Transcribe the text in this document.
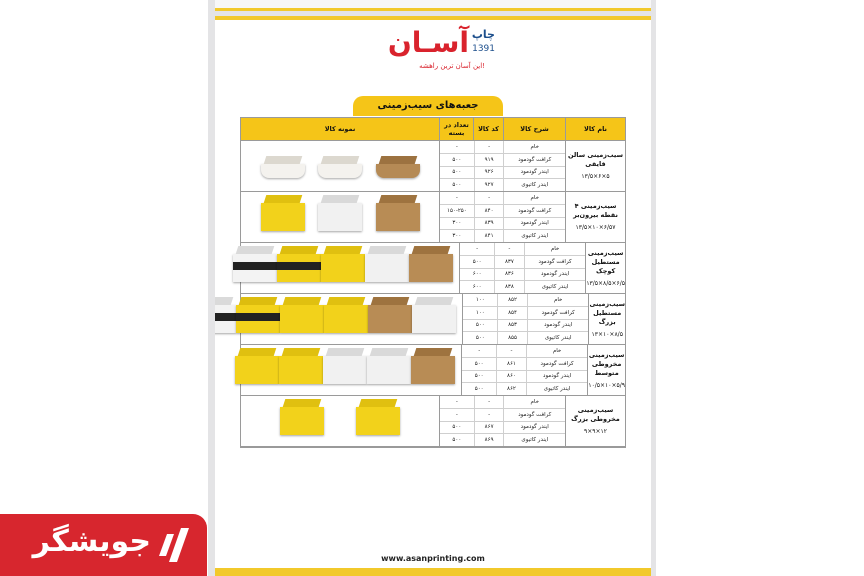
آسـان چاپ
1391
این آسان ترین راهشه!
جعبه‌های سیب‌زمینی
نام کالا
شرح کالا
کد کالا
تعداد در بسته
نمونه کالا
سیب‌زمینی سالن قایقی
۱۳/۵×۶×۵
خام
-
-
کرافت گودمود
۹۱۹
۵۰۰
ایندر گودمود
۹۲۶
۵۰۰
ایندر کاتیوی
۹۲۷
۵۰۰
سیب‌زمینی ۴ نقطه بیرون‌بر
۱۳/۵×۱۰×۶/۵۷
خام
-
-
کرافت گودمود
۸۴۰
۱۵۰-۲۵۰
ایندر گودمود
۸۳۹
۳۰۰
ایندر کاتیوی
۸۴۱
۳۰۰
سیب‌زمینی مستطیل کوچک
۱۳/۵×۸/۵×۶/۵
خام
-
-
کرافت گودمود
۸۳۷
۵۰۰
ایندر گودمود
۸۳۶
۶۰۰
ایندر کاتیوی
۸۳۸
۶۰۰
سیب‌زمینی مستطیل بزرگ
۱۳×۱۰×۸/۵
خام
۸۵۲
۱۰۰
کرافت گودمود
۸۵۴
۱۰۰
ایندر گودمود
۸۵۳
۵۰۰
ایندر کاتیوی
۸۵۵
۵۰۰
سیب‌زمینی مخروطی متوسط
۱۰/۵×۱۰×۵/۹
خام
-
-
کرافت گودمود
۸۶۱
۵۰۰
ایندر گودمود
۸۶۰
۵۰۰
ایندر کاتیوی
۸۶۲
۵۰۰
سیب‌زمینی مخروطی بزرگ
۹×۹×۱۲
خام
-
-
کرافت گودمود
-
-
ایندر گودمود
۸۶۷
۵۰۰
ایندر کاتیوی
۸۶۹
۵۰۰
www.asanprinting.com
جویشگر
